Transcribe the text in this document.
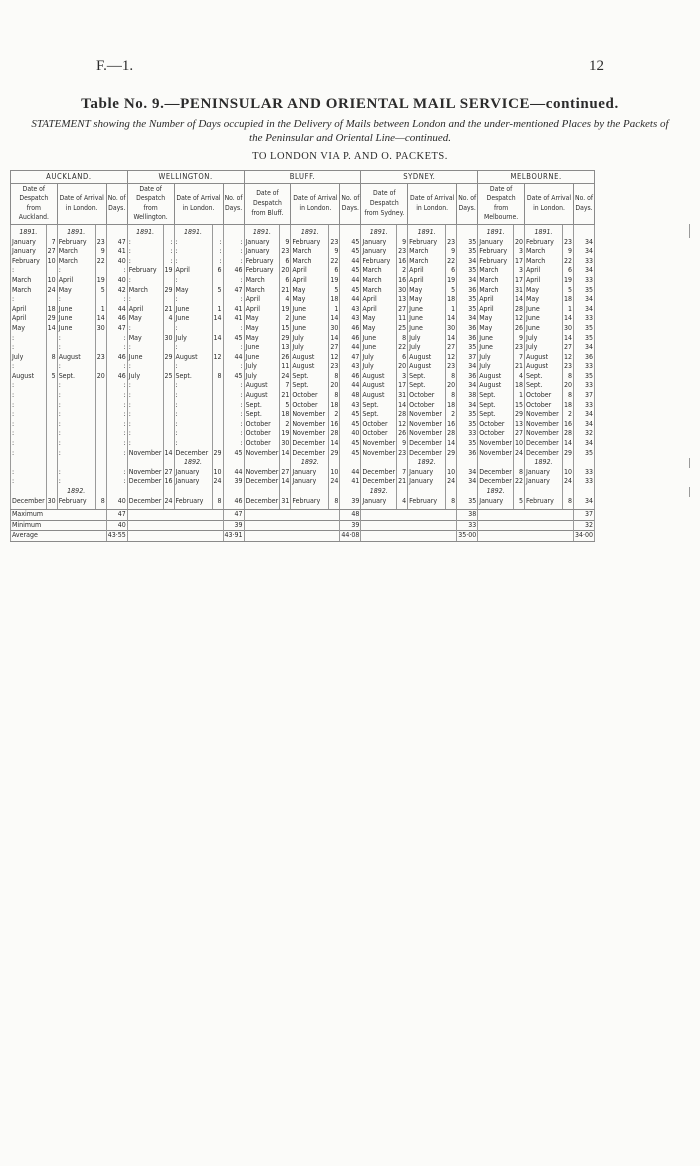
F.—1.	12
Table No. 9.—PENINSULAR AND ORIENTAL MAIL SERVICE—continued.
STATEMENT showing the Number of Days occupied in the Delivery of Mails between London and the under-mentioned Places by the Packets of the Peninsular and Oriental Line—continued.
TO LONDON VIA P. AND O. PACKETS.
AUCKLAND.					WELLINGTON.					BLUFF.					SYDNEY.					MELBOURNE.					
Date of Despatch from Auckland.		Date of Arrival in London.		No. of Days.	Date of Despatch from Wellington.		Date of Arrival in London.		No. of Days.	Date of Despatch from Bluff.		Date of Arrival in London.		No. of Days.	Date of Despatch from Sydney.		Date of Arrival in London.		No. of Days.	Date of Despatch from Melbourne.		Date of Arrival in London.		No. of Days.	
1891.		1891.			1891.		1891.			1891.		1891.			1891.		1891.			1891.		1891.			
January	7	February	23	47	:	:	:	:	:	January	9	February	23	45	January	9	February	23	35	January	20	February	23	34	
January	27	March	9	41	:	:	:	:	:	January	23	March	9	45	January	23	March	9	35	February	3	March	9	34	
February	10	March	22	40	:	:	:	:	:	February	6	March	22	44	February	16	March	22	34	February	17	March	22	33	
:		:		:	February	19	April	6	46	February	20	April	6	45	March	2	April	6	35	March	3	April	6	34	
March	10	April	19	40	:		:		:	March	6	April	19	44	March	16	April	19	34	March	17	April	19	33	
March	24	May	5	42	March	29	May	5	47	March	21	May	5	45	March	30	May	5	36	March	31	May	5	35	
:		:		:	:		:		:	April	4	May	18	44	April	13	May	18	35	April	14	May	18	34	
April	18	June	1	44	April	21	June	1	41	April	19	June	1	43	April	27	June	1	35	April	28	June	1	34	
April	29	June	14	46	May	4	June	14	41	May	2	June	14	43	May	11	June	14	34	May	12	June	14	33	
May	14	June	30	47	:		:		:	May	15	June	30	46	May	25	June	30	36	May	26	June	30	35	
:		:		:	May	30	July	14	45	May	29	July	14	46	June	8	July	14	36	June	9	July	14	35	
:		:		:	:		:		:	June	13	July	27	44	June	22	July	27	35	June	23	July	27	34	
July	8	August	23	46	June	29	August	12	44	June	26	August	12	47	July	6	August	12	37	July	7	August	12	36	
:		:		:	:		:		:	July	11	August	23	43	July	20	August	23	34	July	21	August	23	33	
August	5	Sept.	20	46	July	25	Sept.	8	45	July	24	Sept.	8	46	August	3	Sept.	8	36	August	4	Sept.	8	35	
:		:		:	:		:		:	August	7	Sept.	20	44	August	17	Sept.	20	34	August	18	Sept.	20	33	
:		:		:	:		:		:	August	21	October	8	48	August	31	October	8	38	Sept.	1	October	8	37	
:		:		:	:		:		:	Sept.	5	October	18	43	Sept.	14	October	18	34	Sept.	15	October	18	33	
:		:		:	:		:		:	Sept.	18	November	2	45	Sept.	28	November	2	35	Sept.	29	November	2	34	
:		:		:	:		:		:	October	2	November	16	45	October	12	November	16	35	October	13	November	16	34	
:		:		:	:		:		:	October	19	November	28	40	October	26	November	28	33	October	27	November	28	32	
:		:		:	:		:		:	October	30	December	14	45	November	9	December	14	35	November	10	December	14	34	
:		:		:	November	14	December	29	45	November	14	December	29	45	November	23	December	29	36	November	24	December	29	35	
							1892.					1892.					1892.					1892.			
:		:		:	November	27	January	10	44	November	27	January	10	44	December	7	January	10	34	December	8	January	10	33	
:		:		:	December	16	January	24	39	December	14	January	24	41	December	21	January	24	34	December	22	January	24	33	
		1892.													1892.					1892.					
December	30	February	8	40	December	24	February	8	46	December	31	February	8	39	January	4	February	8	35	January	5	February	8	34	
Maximum				47					47					48					38					37	
Minimum				40					39					39					33					32	
Average				43·55					43·91					44·08					35·00					34·00	
